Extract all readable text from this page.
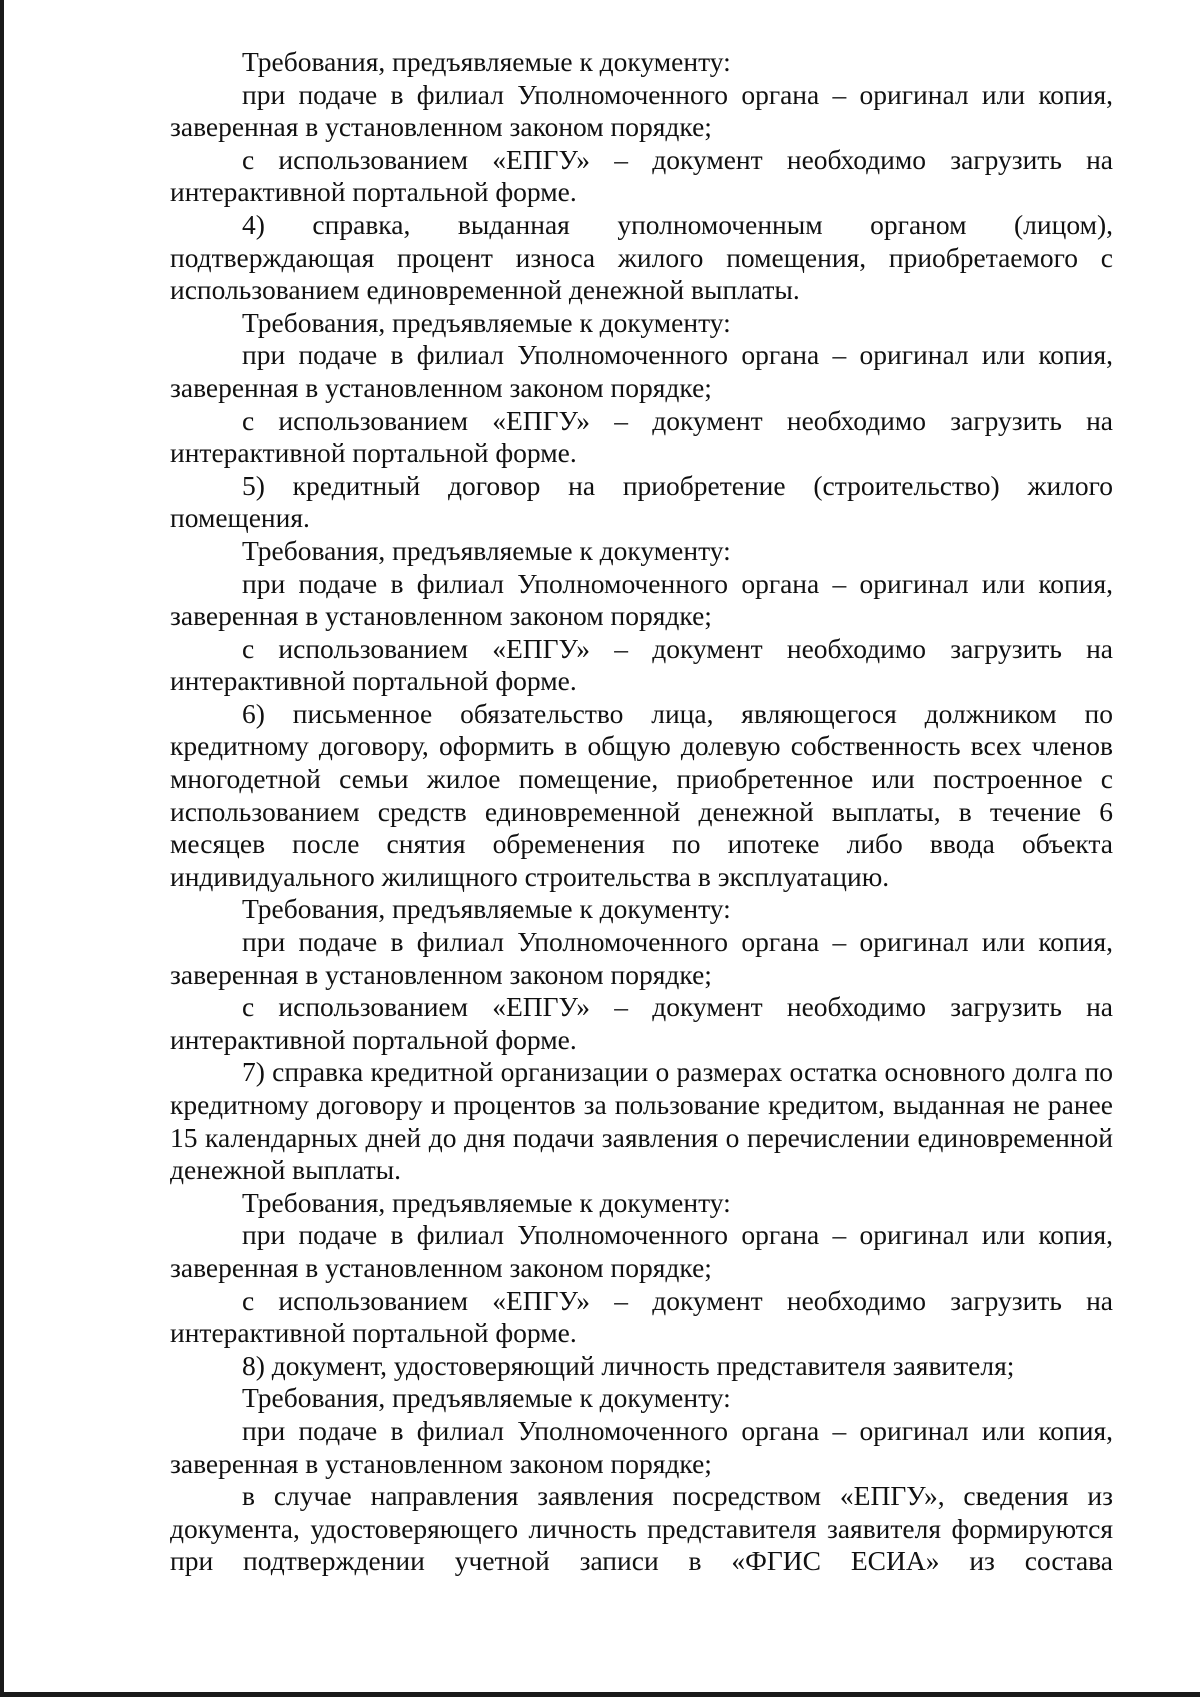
Требования, предъявляемые к документу:

при подаче в филиал Уполномоченного органа – оригинал или копия, заверенная в установленном законом порядке;

с использованием «ЕПГУ» – документ необходимо загрузить на интерактивной портальной форме.

4) справка, выданная уполномоченным органом (лицом), подтверждающая процент износа жилого помещения, приобретаемого с использованием единовременной денежной выплаты.

Требования, предъявляемые к документу:

при подаче в филиал Уполномоченного органа – оригинал или копия, заверенная в установленном законом порядке;

с использованием «ЕПГУ» – документ необходимо загрузить на интерактивной портальной форме.

5) кредитный договор на приобретение (строительство) жилого помещения.

Требования, предъявляемые к документу:

при подаче в филиал Уполномоченного органа – оригинал или копия, заверенная в установленном законом порядке;

с использованием «ЕПГУ» – документ необходимо загрузить на интерактивной портальной форме.

6) письменное обязательство лица, являющегося должником по кредитному договору, оформить в общую долевую собственность всех членов многодетной семьи жилое помещение, приобретенное или построенное с использованием средств единовременной денежной выплаты, в течение 6 месяцев после снятия обременения по ипотеке либо ввода объекта индивидуального жилищного строительства в эксплуатацию.

Требования, предъявляемые к документу:

при подаче в филиал Уполномоченного органа – оригинал или копия, заверенная в установленном законом порядке;

с использованием «ЕПГУ» – документ необходимо загрузить на интерактивной портальной форме.

7) справка кредитной организации о размерах остатка основного долга по кредитному договору и процентов за пользование кредитом, выданная не ранее 15 календарных дней до дня подачи заявления о перечислении единовременной денежной выплаты.

Требования, предъявляемые к документу:

при подаче в филиал Уполномоченного органа – оригинал или копия, заверенная в установленном законом порядке;

с использованием «ЕПГУ» – документ необходимо загрузить на интерактивной портальной форме.

8) документ, удостоверяющий личность представителя заявителя;

Требования, предъявляемые к документу:

при подаче в филиал Уполномоченного органа – оригинал или копия, заверенная в установленном законом порядке;

в случае направления заявления посредством «ЕПГУ», сведения из документа, удостоверяющего личность представителя заявителя формируются при подтверждении учетной записи в «ФГИС ЕСИА» из состава
